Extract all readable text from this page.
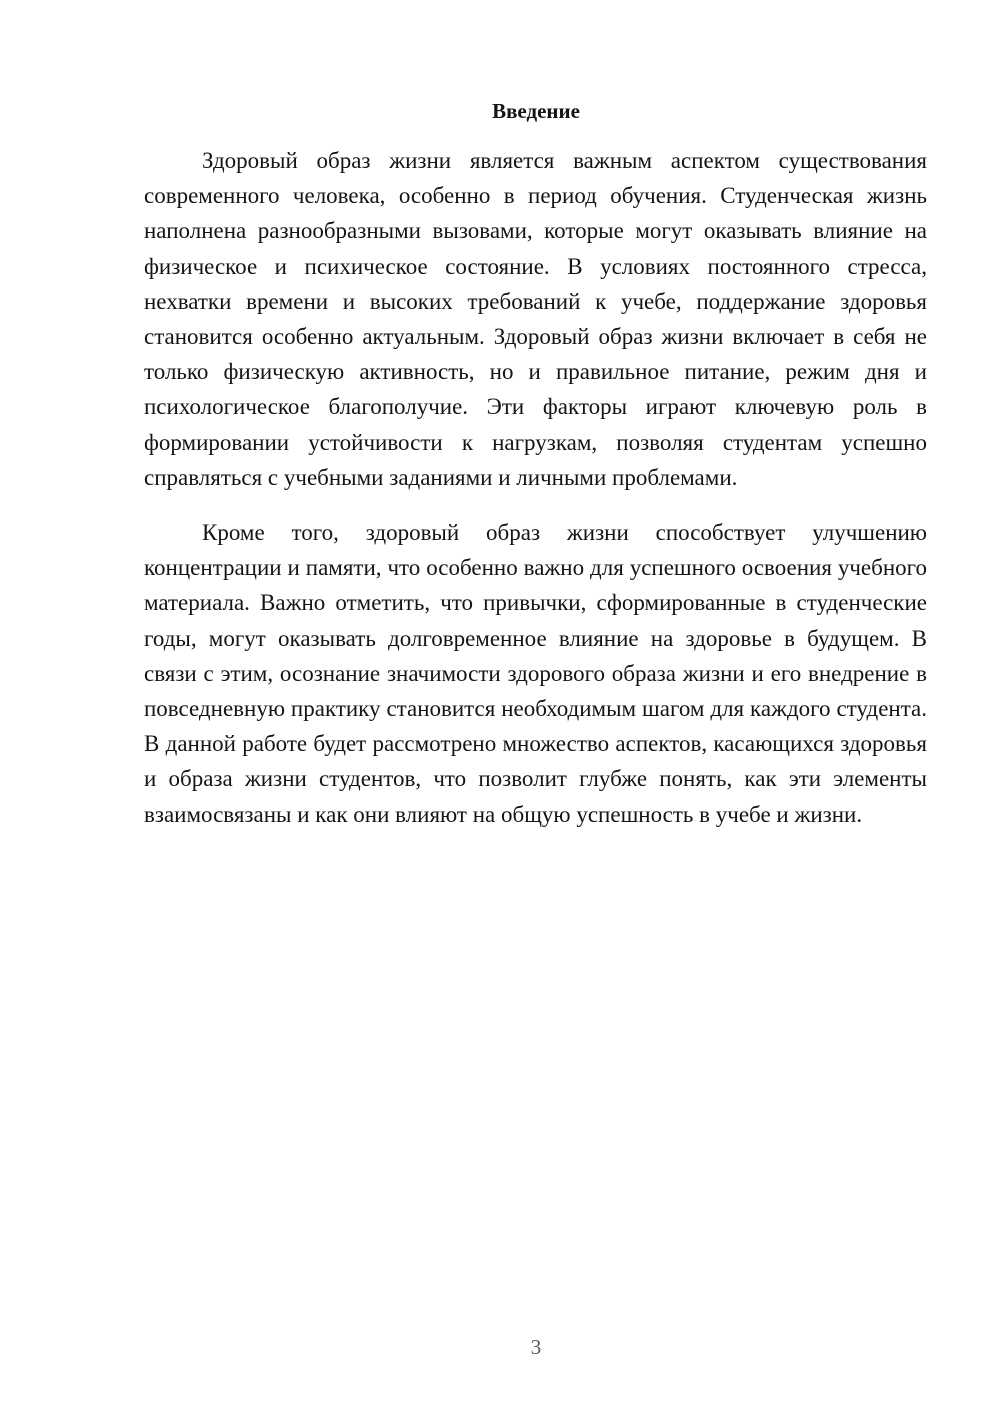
Введение

Здоровый образ жизни является важным аспектом существования современного человека, особенно в период обучения. Студенческая жизнь наполнена разнообразными вызовами, которые могут оказывать влияние на физическое и психическое состояние. В условиях постоянного стресса, нехватки времени и высоких требований к учебе, поддержание здоровья становится особенно актуальным. Здоровый образ жизни включает в себя не только физическую активность, но и правильное питание, режим дня и психологическое благополучие. Эти факторы играют ключевую роль в формировании устойчивости к нагрузкам, позволяя студентам успешно справляться с учебными заданиями и личными проблемами.

Кроме того, здоровый образ жизни способствует улучшению концентрации и памяти, что особенно важно для успешного освоения учебного материала. Важно отметить, что привычки, сформированные в студенческие годы, могут оказывать долговременное влияние на здоровье в будущем. В связи с этим, осознание значимости здорового образа жизни и его внедрение в повседневную практику становится необходимым шагом для каждого студента. В данной работе будет рассмотрено множество аспектов, касающихся здоровья и образа жизни студентов, что позволит глубже понять, как эти элементы взаимосвязаны и как они влияют на общую успешность в учебе и жизни.

3
